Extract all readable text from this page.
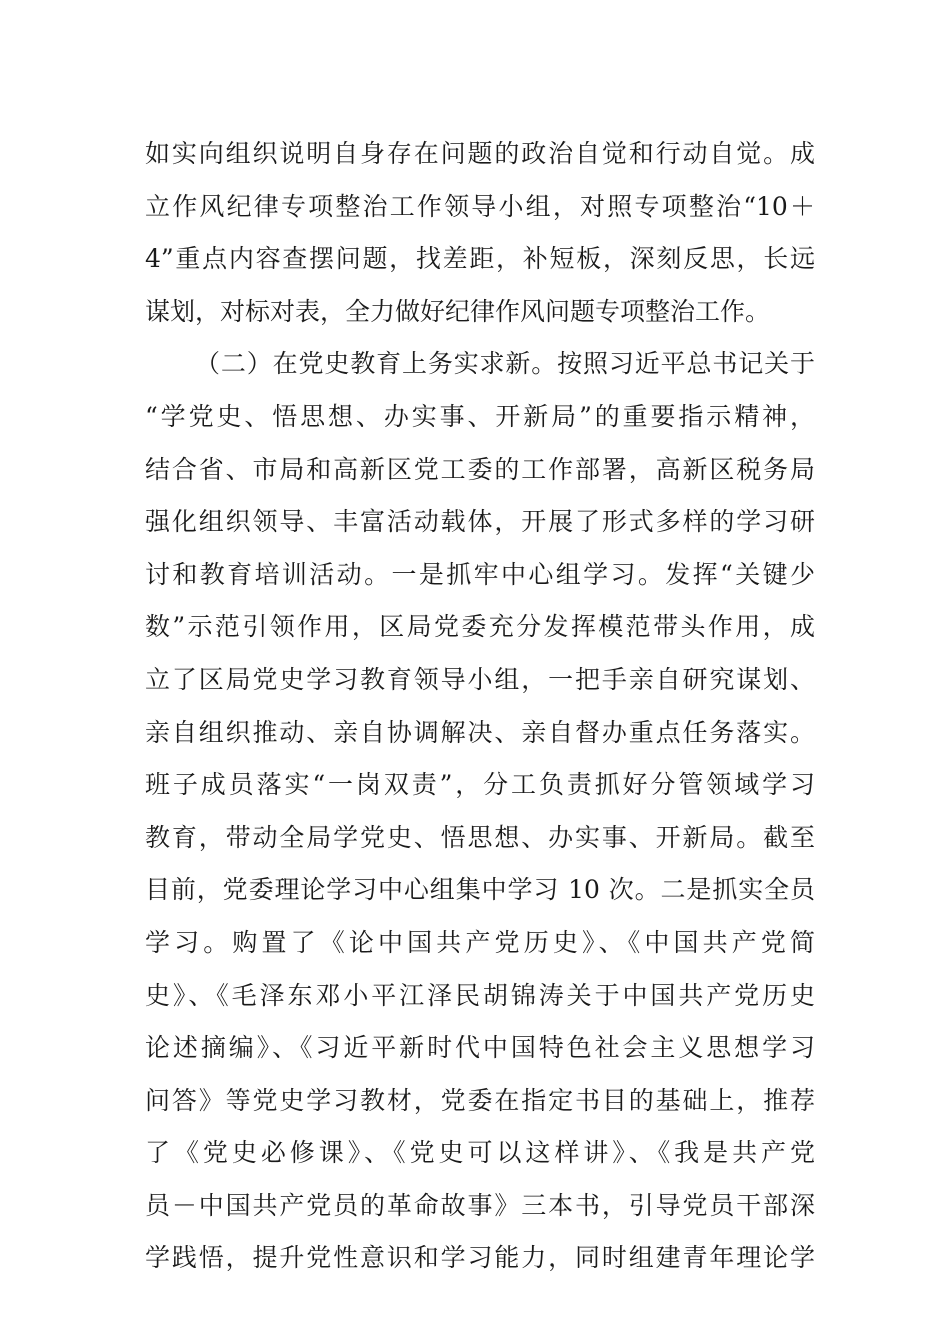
如实向组织说明自身存在问题的政治自觉和行动自觉。成
立作风纪律专项整治工作领导小组，对照专项整治“10＋
4”重点内容查摆问题，找差距，补短板，深刻反思，长远
谋划，对标对表，全力做好纪律作风问题专项整治工作。
（二）在党史教育上务实求新。按照习近平总书记关于
“学党史、悟思想、办实事、开新局”的重要指示精神，
结合省、市局和高新区党工委的工作部署，高新区税务局
强化组织领导、丰富活动载体，开展了形式多样的学习研
讨和教育培训活动。一是抓牢中心组学习。发挥“关键少
数”示范引领作用，区局党委充分发挥模范带头作用，成
立了区局党史学习教育领导小组，一把手亲自研究谋划、
亲自组织推动、亲自协调解决、亲自督办重点任务落实。
班子成员落实“一岗双责”，分工负责抓好分管领域学习
教育，带动全局学党史、悟思想、办实事、开新局。截至
目前，党委理论学习中心组集中学习 10 次。二是抓实全员
学习。购置了《论中国共产党历史》、《中国共产党简
史》、《毛泽东邓小平江泽民胡锦涛关于中国共产党历史
论述摘编》、《习近平新时代中国特色社会主义思想学习
问答》等党史学习教材，党委在指定书目的基础上，推荐
了《党史必修课》、《党史可以这样讲》、《我是共产党
员－中国共产党员的革命故事》三本书，引导党员干部深
学践悟，提升党性意识和学习能力，同时组建青年理论学
